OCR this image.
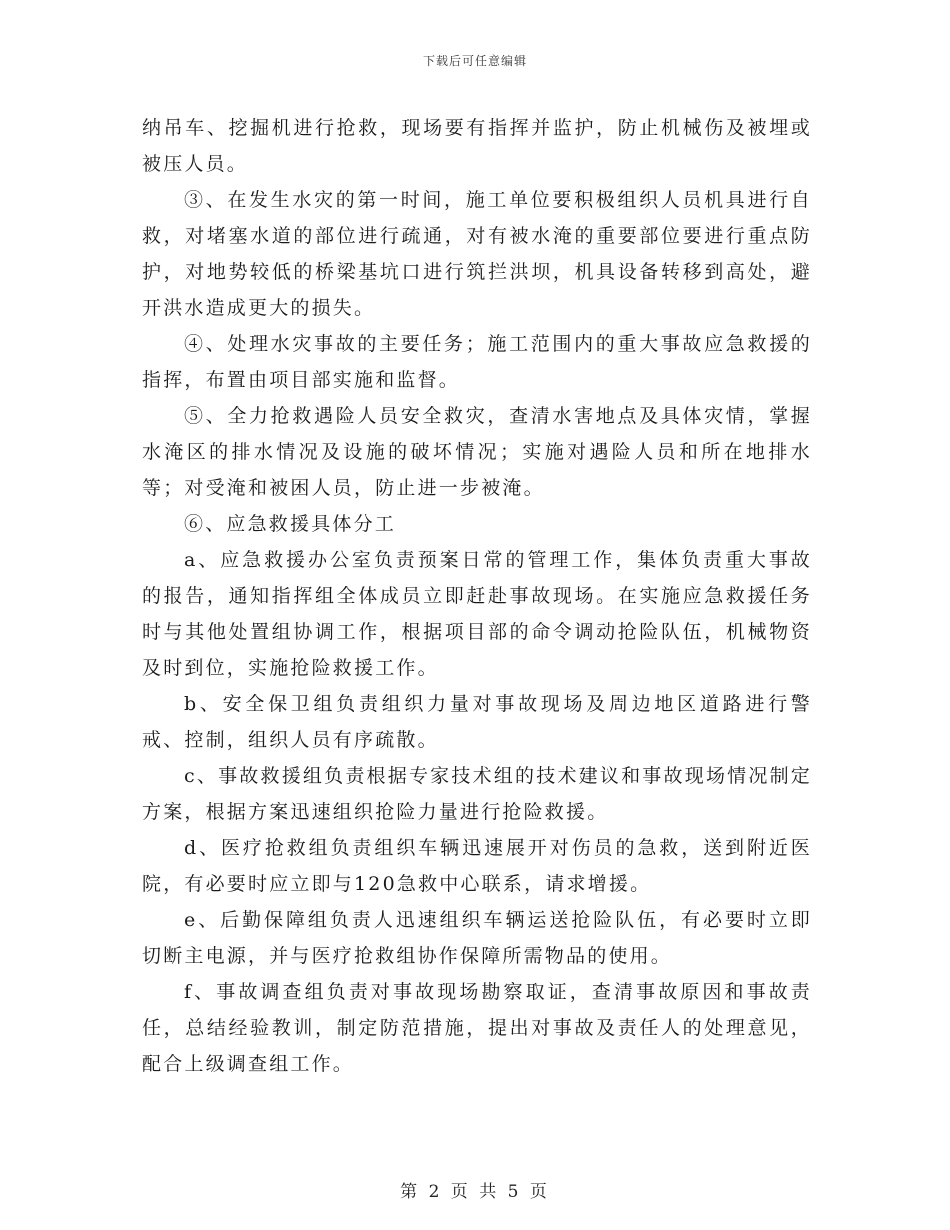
下载后可任意编辑

纳吊车、挖掘机进行抢救，现场要有指挥并监护，防止机械伤及被埋或被压人员。

③、在发生水灾的第一时间，施工单位要积极组织人员机具进行自救，对堵塞水道的部位进行疏通，对有被水淹的重要部位要进行重点防护，对地势较低的桥梁基坑口进行筑拦洪坝，机具设备转移到高处，避开洪水造成更大的损失。

④、处理水灾事故的主要任务；施工范围内的重大事故应急救援的指挥，布置由项目部实施和监督。

⑤、全力抢救遇险人员安全救灾，查清水害地点及具体灾情，掌握水淹区的排水情况及设施的破坏情况；实施对遇险人员和所在地排水等；对受淹和被困人员，防止进一步被淹。

⑥、应急救援具体分工

a、应急救援办公室负责预案日常的管理工作，集体负责重大事故的报告，通知指挥组全体成员立即赶赴事故现场。在实施应急救援任务时与其他处置组协调工作，根据项目部的命令调动抢险队伍，机械物资及时到位，实施抢险救援工作。

b、安全保卫组负责组织力量对事故现场及周边地区道路进行警戒、控制，组织人员有序疏散。

c、事故救援组负责根据专家技术组的技术建议和事故现场情况制定方案，根据方案迅速组织抢险力量进行抢险救援。

d、医疗抢救组负责组织车辆迅速展开对伤员的急救，送到附近医院，有必要时应立即与120急救中心联系，请求增援。

e、后勤保障组负责人迅速组织车辆运送抢险队伍，有必要时立即切断主电源，并与医疗抢救组协作保障所需物品的使用。

f、事故调查组负责对事故现场勘察取证，查清事故原因和事故责任，总结经验教训，制定防范措施，提出对事故及责任人的处理意见，配合上级调查组工作。

第 2 页 共 5 页
